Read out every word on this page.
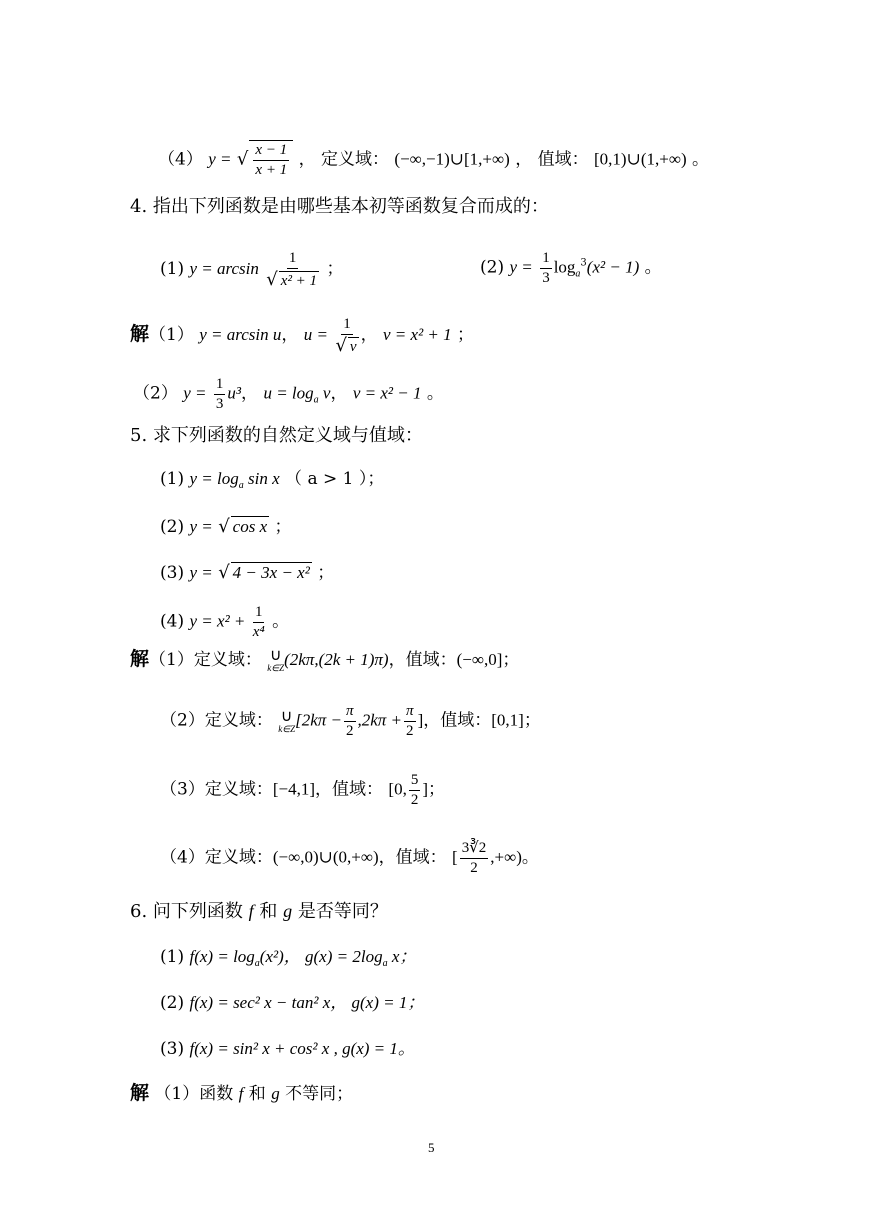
（4） y = √ $\frac{x - 1}{x + 1}$ ， 定义域： (−∞,−1)∪[1,+∞) ， 值域： [0,1)∪(1,+∞) 。
4. 指出下列函数是由哪些基本初等函数复合而成的：
(1) $y = \arcsin \frac{1}{\text{√ x² + 1}}$ ；	(2) $y = \frac{1}{3} \log_a^3(x^2 - 1)$ 。
解（1） y = arcsin u， $u = \frac{1}{√ v}$ ， v = x² + 1 ；
（2） $y = \frac{1}{3} u^3$， $u = \log_a v$， v = x² − 1 。
5. 求下列函数的自然定义域与值域：
(1) $y = \log_a \sin x$ （ a > 1 ）；
(2) y = √ cos x ；
(3) y = √ 4 − 3x − x² ；
(4) $y = x^2 + \frac{1}{\text{x⁴}}$ 。
解（1）定义域： ∪
k∈Z (2kπ,(2k + 1)π)，值域：(−∞,0]；
（2）定义域： ∪
k∈Z [$2k\pi - \frac{\pi}{2} ,2k\pi + \frac{\pi}{2}$ ]，值域：[0,1]；
（3）定义域：[−4,1]，值域： [0, $\frac{5}{2}$ ]；
（4）定义域：(−∞,0)∪(0,+∞)，值域： [ $\frac{3∛2}{2}$ ,+∞)。
6. 问下列函数 f 和 g 是否等同？
(1) $f(x) = \log_a(x^2)$， $g(x) = 2\log_a$ x；
(2) f(x) = sec² x − tan² x， g(x) = 1；
(3) f(x) = sin² x + cos² x , g(x) = 1。
解 （1）函数 f 和 g 不等同；
5
